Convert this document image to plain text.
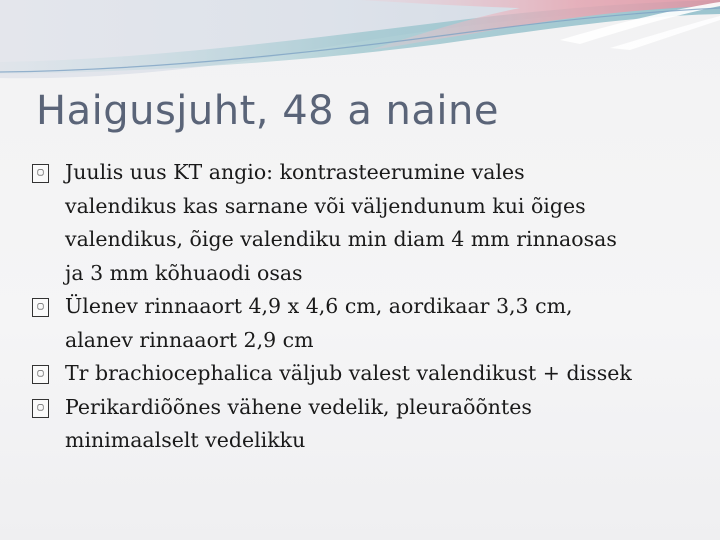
Haigusjuht, 48 a naine
▢ Juulis uus KT angio: kontrasteerumine vales
valendikus kas sarnane või väljendunum kui õiges
valendikus, õige valendiku min diam 4 mm rinnaosas
ja 3 mm kõhuaodi osas
▢ Ülenev rinnaaort 4,9 x 4,6 cm, aordikaar 3,3 cm,
alanev rinnaaort 2,9 cm
▢ Tr brachiocephalica väljub valest valendikust + dissek
▢ Perikardiõõnes vähene vedelik, pleuraõõntes
minimaalselt vedelikku
